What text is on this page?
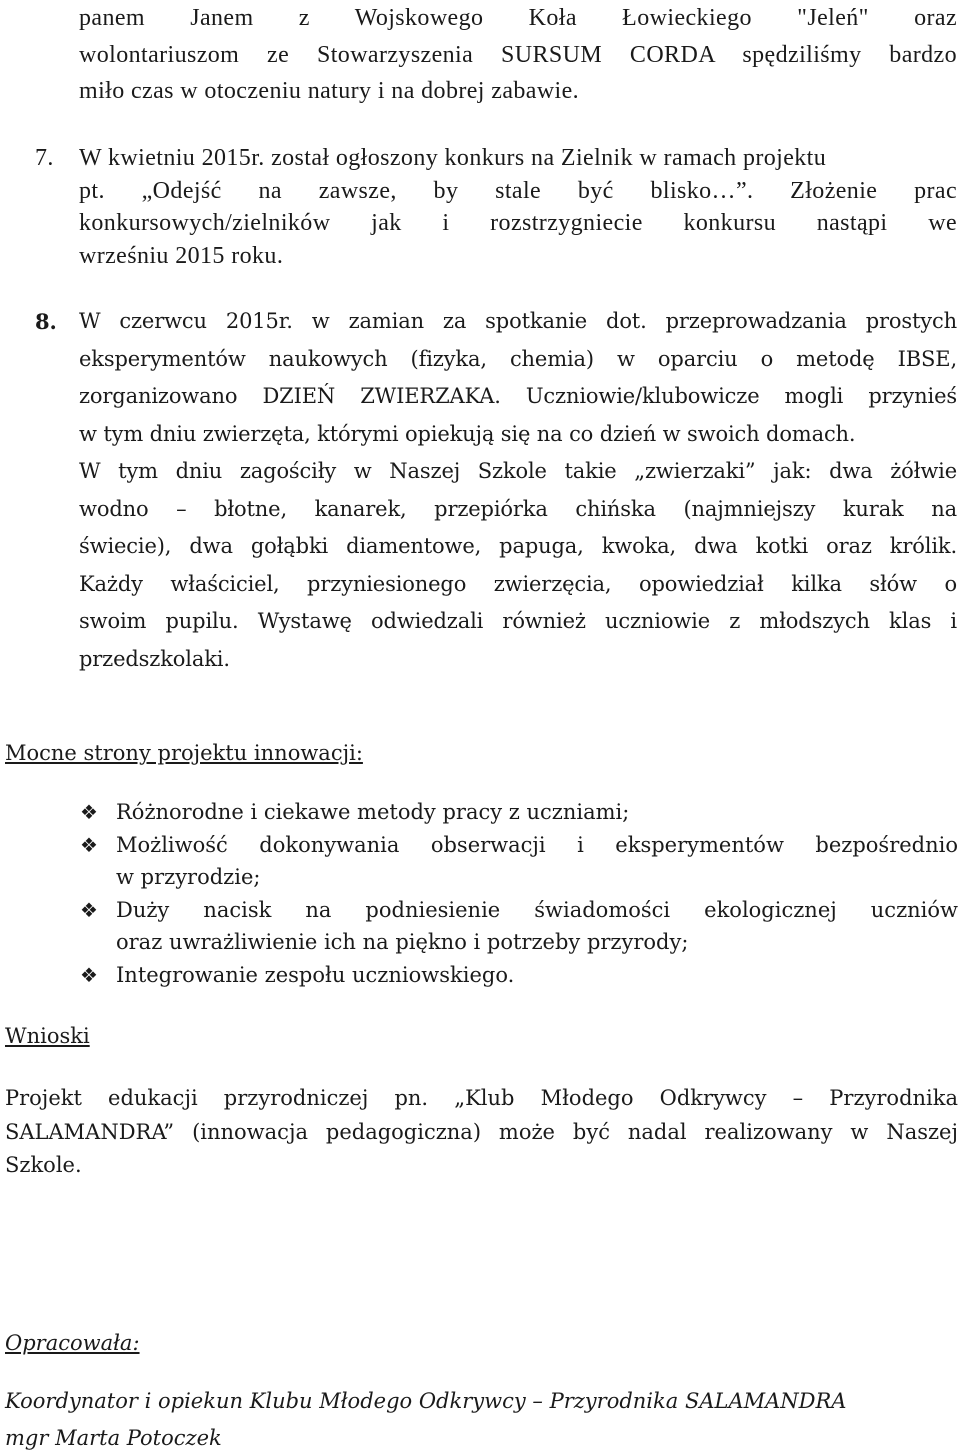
panem Janem z Wojskowego Koła Łowieckiego "Jeleń" oraz
wolontariuszom ze Stowarzyszenia SURSUM CORDA spędziliśmy bardzo
miło czas w otoczeniu natury i na dobrej zabawie.
7. W kwietniu 2015r. został ogłoszony konkurs na Zielnik w ramach projektu
pt. „Odejść na zawsze, by stale być blisko…”. Złożenie prac
konkursowych/zielników jak i rozstrzygniecie konkursu nastąpi we
wrześniu 2015 roku.
8. W czerwcu 2015r. w zamian za spotkanie dot. przeprowadzania prostych
eksperymentów naukowych (fizyka, chemia) w oparciu o metodę IBSE,
zorganizowano DZIEŃ ZWIERZAKA. Uczniowie/klubowicze mogli przynieś
w tym dniu zwierzęta, którymi opiekują się na co dzień w swoich domach.
W tym dniu zagościły w Naszej Szkole takie „zwierzaki” jak: dwa żółwie
wodno – błotne, kanarek, przepiórka chińska (najmniejszy kurak na
świecie), dwa gołąbki diamentowe, papuga, kwoka, dwa kotki oraz królik.
Każdy właściciel, przyniesionego zwierzęcia, opowiedział kilka słów o
swoim pupilu. Wystawę odwiedzali również uczniowie z młodszych klas i
przedszkolaki.
Mocne strony projektu innowacji:
❖ Różnorodne i ciekawe metody pracy z uczniami;
❖ Możliwość dokonywania obserwacji i eksperymentów bezpośrednio
w przyrodzie;
❖ Duży nacisk na podniesienie świadomości ekologicznej uczniów
oraz uwrażliwienie ich na piękno i potrzeby przyrody;
❖ Integrowanie zespołu uczniowskiego.
Wnioski
Projekt edukacji przyrodniczej pn. „Klub Młodego Odkrywcy – Przyrodnika
SALAMANDRA” (innowacja pedagogiczna) może być nadal realizowany w Naszej
Szkole.
Opracowała:
Koordynator i opiekun Klubu Młodego Odkrywcy – Przyrodnika SALAMANDRA
mgr Marta Potoczek
